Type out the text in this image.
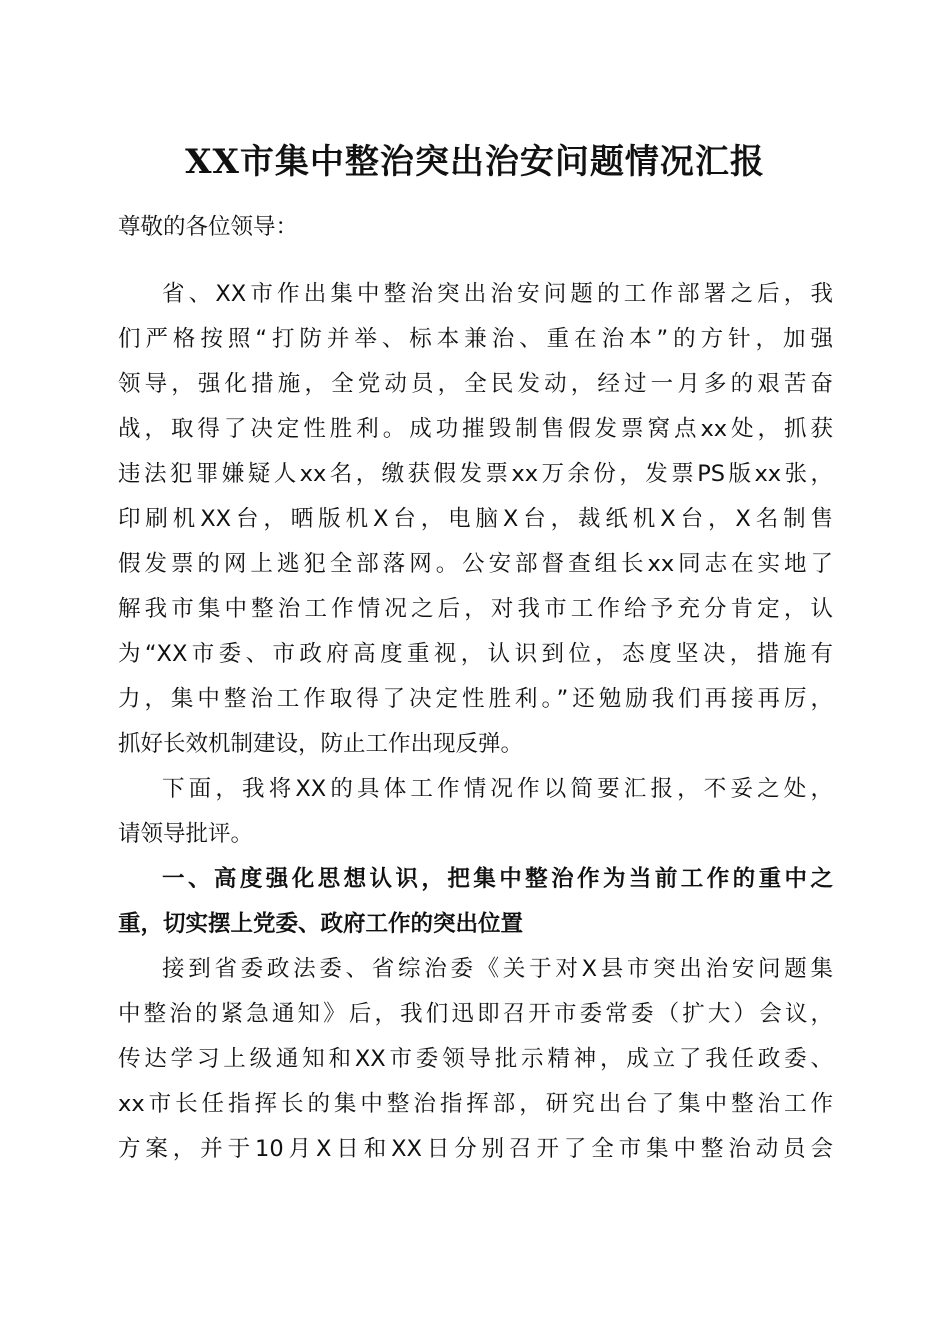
XX市集中整治突出治安问题情况汇报
尊敬的各位领导：
省、XX市作出集中整治突出治安问题的工作部署之后，我
们严格按照“打防并举、标本兼治、重在治本”的方针，加强
领导，强化措施，全党动员，全民发动，经过一月多的艰苦奋
战，取得了决定性胜利。成功摧毁制售假发票窝点xx处，抓获
违法犯罪嫌疑人xx名，缴获假发票xx万余份，发票PS版xx张，
印刷机XX台，晒版机X台，电脑X台，裁纸机X台，X名制售
假发票的网上逃犯全部落网。公安部督查组长xx同志在实地了
解我市集中整治工作情况之后，对我市工作给予充分肯定，认
为“XX市委、市政府高度重视，认识到位，态度坚决，措施有
力，集中整治工作取得了决定性胜利。”还勉励我们再接再厉，
抓好长效机制建设，防止工作出现反弹。
下面，我将XX的具体工作情况作以简要汇报，不妥之处，
请领导批评。
一、高度强化思想认识，把集中整治作为当前工作的重中之
重，切实摆上党委、政府工作的突出位置
接到省委政法委、省综治委《关于对X县市突出治安问题集
中整治的紧急通知》后，我们迅即召开市委常委（扩大）会议，
传达学习上级通知和XX市委领导批示精神，成立了我任政委、
xx市长任指挥长的集中整治指挥部，研究出台了集中整治工作
方案，并于10月X日和XX日分别召开了全市集中整治动员会
